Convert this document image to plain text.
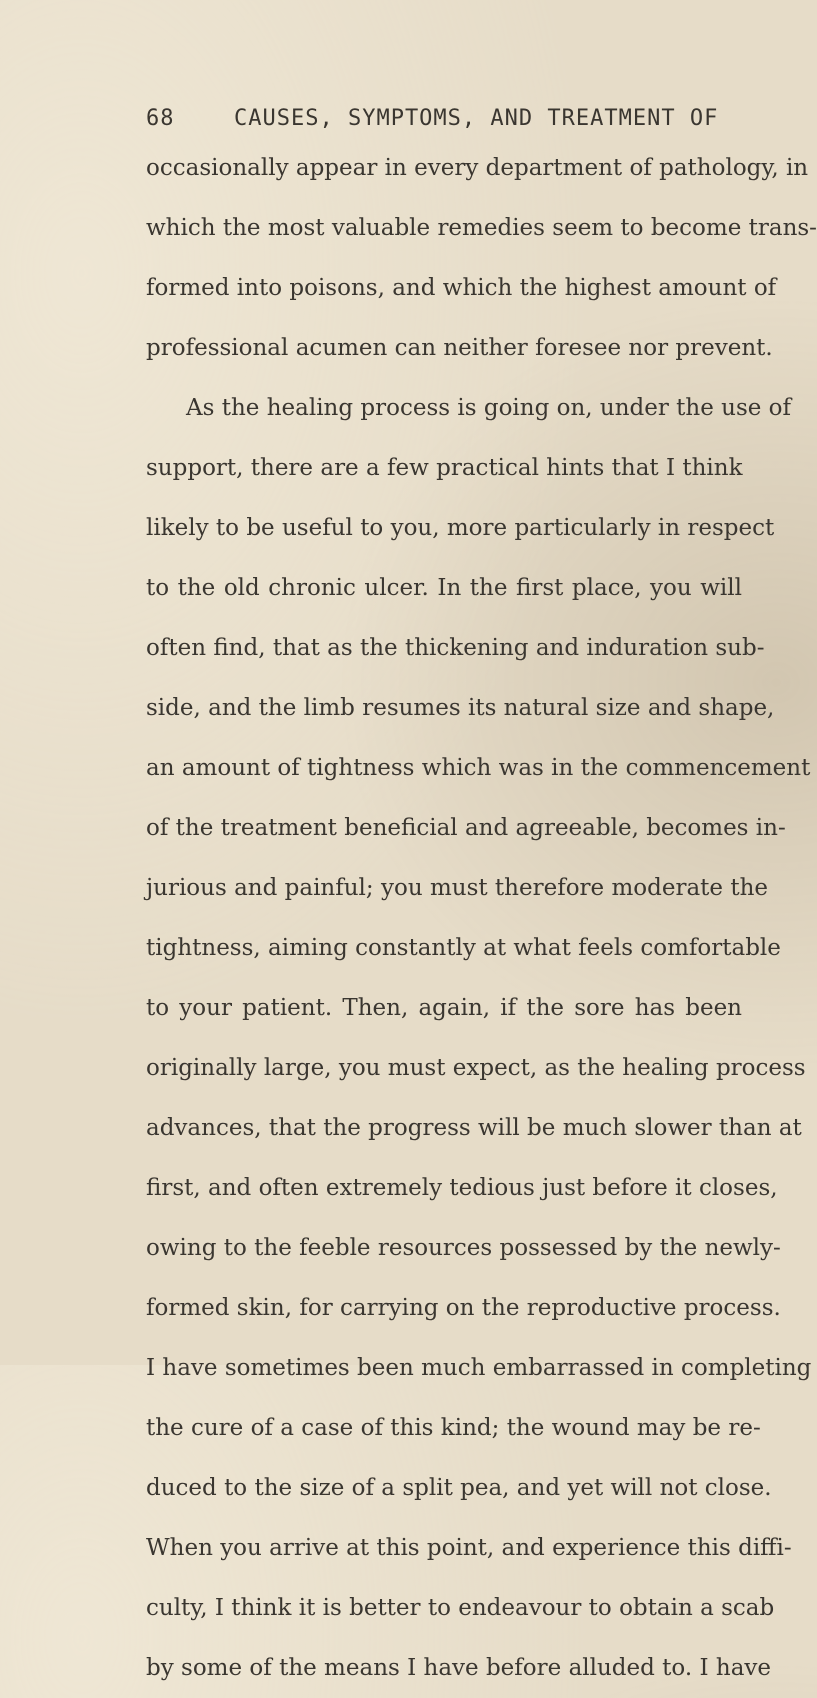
68	CAUSES, SYMPTOMS, AND TREATMENT OF
occasionally appear in every department of pathology, in
which the most valuable remedies seem to become trans-
formed into poisons, and which the highest amount of
professional acumen can neither foresee nor prevent.
As the healing process is going on, under the use of
support, there are a few practical hints that I think
likely to be useful to you, more particularly in respect
to the old chronic ulcer. In the first place, you will
often find, that as the thickening and induration sub-
side, and the limb resumes its natural size and shape,
an amount of tightness which was in the commencement
of the treatment beneficial and agreeable, becomes in-
jurious and painful; you must therefore moderate the
tightness, aiming constantly at what feels comfortable
to your patient. Then, again, if the sore has been
originally large, you must expect, as the healing process
advances, that the progress will be much slower than at
first, and often extremely tedious just before it closes,
owing to the feeble resources possessed by the newly-
formed skin, for carrying on the reproductive process.
I have sometimes been much embarrassed in completing
the cure of a case of this kind; the wound may be re-
duced to the size of a split pea, and yet will not close.
When you arrive at this point, and experience this diffi-
culty, I think it is better to endeavour to obtain a scab
by some of the means I have before alluded to. I have
